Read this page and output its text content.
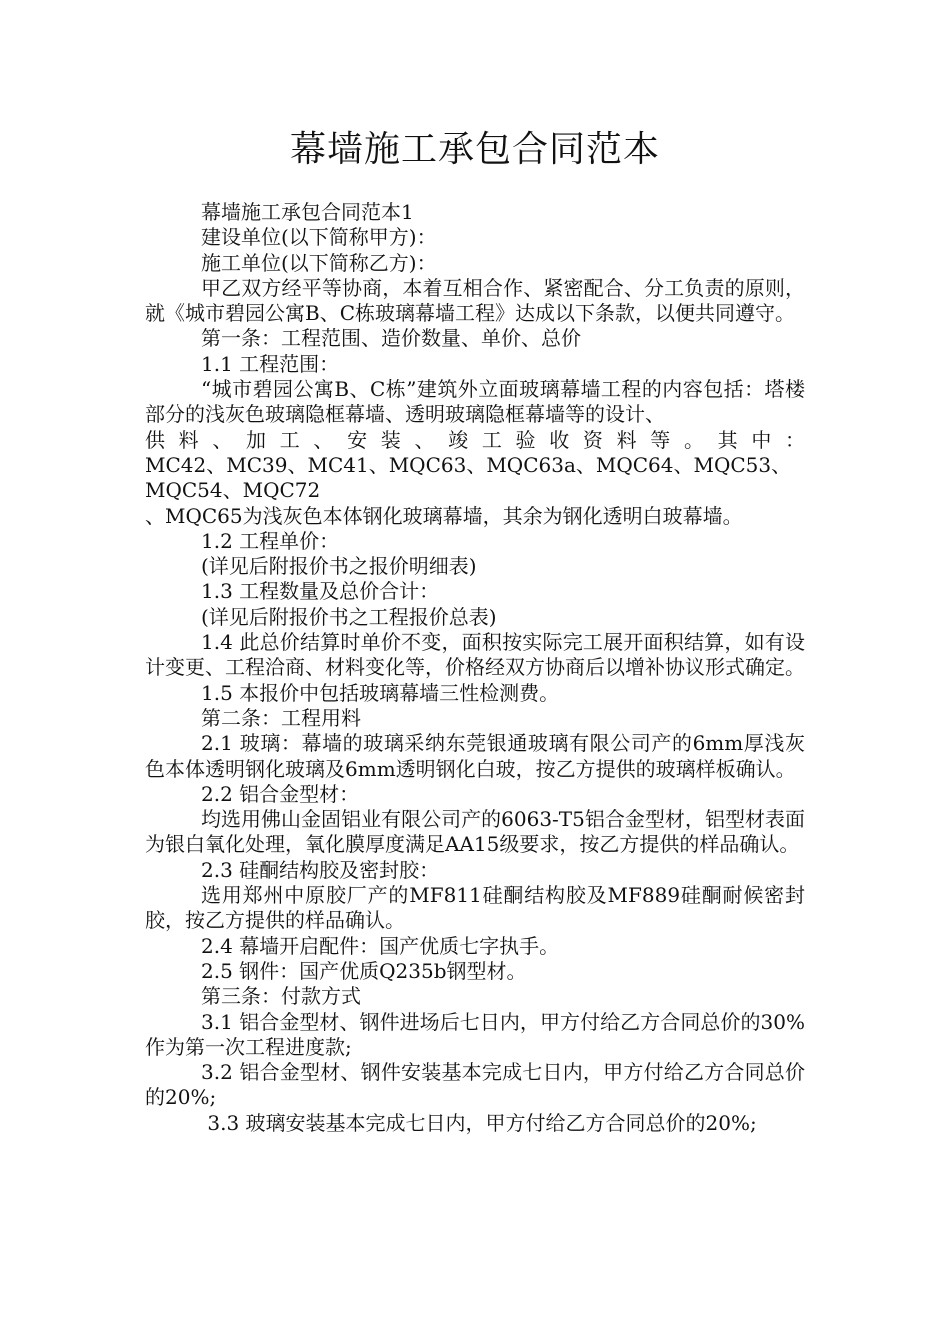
幕墙施工承包合同范本

幕墙施工承包合同范本1

建设单位(以下简称甲方)：

施工单位(以下简称乙方)：

甲乙双方经平等协商，本着互相合作、紧密配合、分工负责的原则，就《城市碧园公寓B、C栋玻璃幕墙工程》达成以下条款，以便共同遵守。

第一条：工程范围、造价数量、单价、总价

1.1 工程范围：

“城市碧园公寓B、C栋”建筑外立面玻璃幕墙工程的内容包括：塔楼部分的浅灰色玻璃隐框幕墙、透明玻璃隐框幕墙等的设计、

供料、加工、安装、竣工验收资料等。其中：

MC42、MC39、MC41、MQC63、MQC63a、MQC64、MQC53、MQC54、MQC72

、MQC65为浅灰色本体钢化玻璃幕墙，其余为钢化透明白玻幕墙。

1.2 工程单价：

(详见后附报价书之报价明细表)

1.3 工程数量及总价合计：

(详见后附报价书之工程报价总表)

1.4 此总价结算时单价不变，面积按实际完工展开面积结算，如有设计变更、工程洽商、材料变化等，价格经双方协商后以增补协议形式确定。

1.5 本报价中包括玻璃幕墙三性检测费。

第二条：工程用料

2.1 玻璃：幕墙的玻璃采纳东莞银通玻璃有限公司产的6mm厚浅灰色本体透明钢化玻璃及6mm透明钢化白玻，按乙方提供的玻璃样板确认。

2.2 铝合金型材：

均选用佛山金固铝业有限公司产的6063-T5铝合金型材，铝型材表面为银白氧化处理，氧化膜厚度满足AA15级要求，按乙方提供的样品确认。

2.3 硅酮结构胶及密封胶：

选用郑州中原胶厂产的MF811硅酮结构胶及MF889硅酮耐候密封胶，按乙方提供的样品确认。

2.4 幕墙开启配件：国产优质七字执手。

2.5 钢件：国产优质Q235b钢型材。

第三条：付款方式

3.1 铝合金型材、钢件进场后七日内，甲方付给乙方合同总价的30%作为第一次工程进度款;

3.2 铝合金型材、钢件安装基本完成七日内，甲方付给乙方合同总价的20%;

3.3 玻璃安装基本完成七日内，甲方付给乙方合同总价的20%;
